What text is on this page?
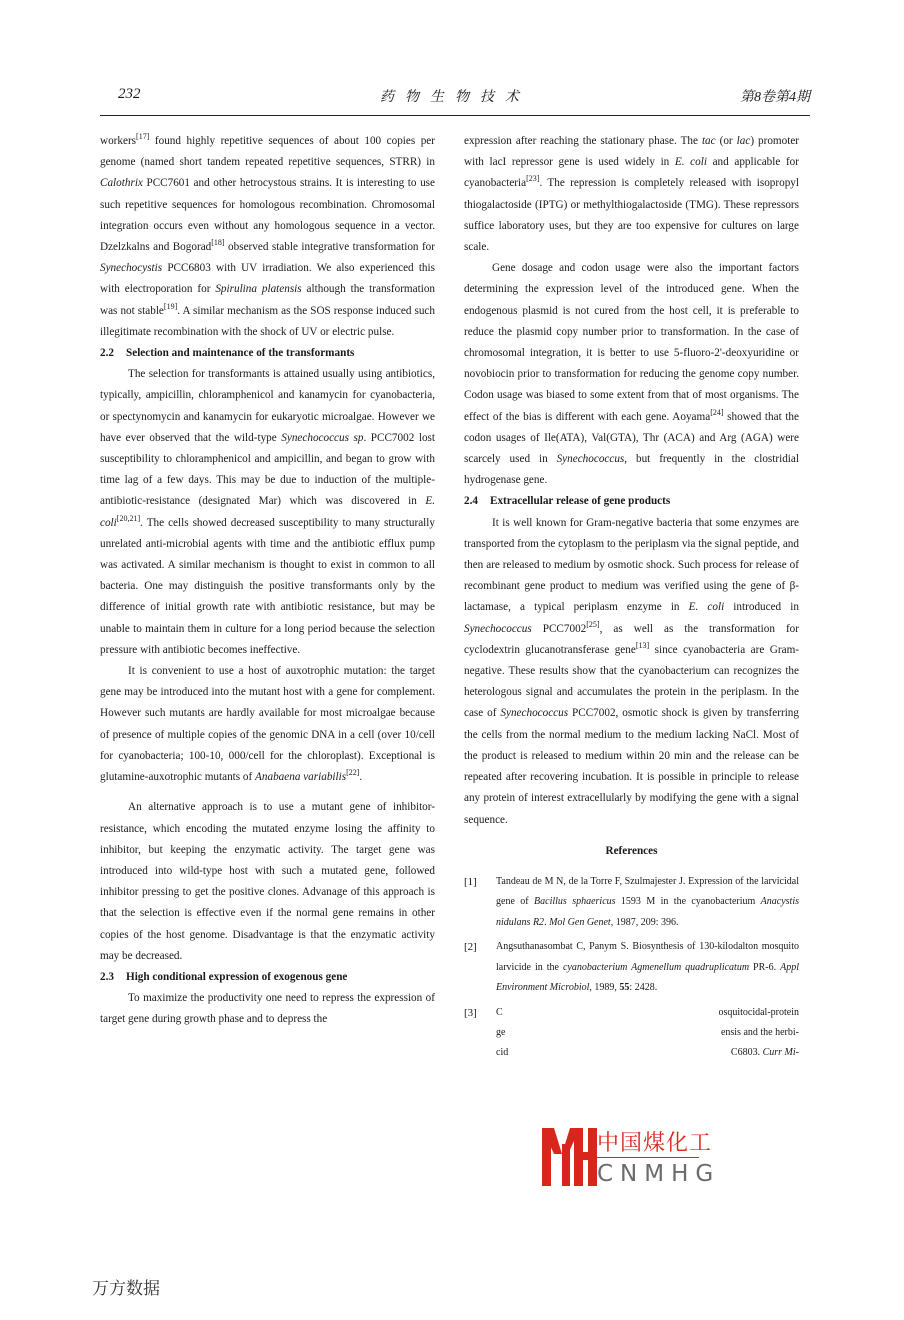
232	药物生物技术	第8卷第4期

workers[17] found highly repetitive sequences of about 100 copies per genome (named short tandem repeated repetitive sequences, STRR) in Calothrix PCC7601 and other hetrocystous strains. It is interesting to use such repetitive sequences for homologous recombination. Chromosomal integration occurs even without any homologous sequence in a vector. Dzelzkalns and Bogorad[18] observed stable integrative transformation for Synechocystis PCC6803 with UV irradiation. We also experienced this with electroporation for Spirulina platensis although the transformation was not stable[19]. A similar mechanism as the SOS response induced such illegitimate recombination with the shock of UV or electric pulse.

2.2 Selection and maintenance of the transformants

The selection for transformants is attained usually using antibiotics, typically, ampicillin, chloramphenicol and kanamycin for cyanobacteria, or spectynomycin and kanamycin for eukaryotic microalgae. However we have ever observed that the wild-type Synechococcus sp. PCC7002 lost susceptibility to chloramphenicol and ampicillin, and began to grow with time lag of a few days. This may be due to induction of the multiple-antibiotic-resistance (designated Mar) which was discovered in E. coli[20,21]. The cells showed decreased susceptibility to many structurally unrelated anti-microbial agents with time and the antibiotic efflux pump was activated. A similar mechanism is thought to exist in common to all bacteria. One may distinguish the positive transformants only by the difference of initial growth rate with antibiotic resistance, but may be unable to maintain them in culture for a long period because the selection pressure with antibiotic becomes ineffective.

It is convenient to use a host of auxotrophic mutation: the target gene may be introduced into the mutant host with a gene for complement. However such mutants are hardly available for most microalgae because of presence of multiple copies of the genomic DNA in a cell (over 10/cell for cyanobacteria; 100-10, 000/cell for the chloroplast). Exceptional is glutamine-auxotrophic mutants of Anabaena variabilis[22].

An alternative approach is to use a mutant gene of inhibitor-resistance, which encoding the mutated enzyme losing the affinity to inhibitor, but keeping the enzymatic activity. The target gene was introduced into wild-type host with such a mutated gene, followed inhibitor pressing to get the positive clones. Advanage of this approach is that the selection is effective even if the normal gene remains in other copies of the host genome. Disadvantage is that the enzymatic activity may be decreased.

2.3 High conditional expression of exogenous gene

To maximize the productivity one need to repress the expression of target gene during growth phase and to depress the

expression after reaching the stationary phase. The tac (or lac) promoter with lacI repressor gene is used widely in E. coli and applicable for cyanobacteria[23]. The repression is completely released with isopropyl thiogalactoside (IPTG) or methylthiogalactoside (TMG). These repressors suffice laboratory uses, but they are too expensive for cultures on large scale.

Gene dosage and codon usage were also the important factors determining the expression level of the introduced gene. When the endogenous plasmid is not cured from the host cell, it is preferable to reduce the plasmid copy number prior to transformation. In the case of chromosomal integration, it is better to use 5-fluoro-2'-deoxyuridine or novobiocin prior to transformation for reducing the genome copy number. Codon usage was biased to some extent from that of most organisms. The effect of the bias is different with each gene. Aoyama[24] showed that the codon usages of Ile(ATA), Val(GTA), Thr (ACA) and Arg (AGA) were scarcely used in Synechococcus, but frequently in the clostridial hydrogenase gene.

2.4 Extracellular release of gene products

It is well known for Gram-negative bacteria that some enzymes are transported from the cytoplasm to the periplasm via the signal peptide, and then are released to medium by osmotic shock. Such process for release of recombinant gene product to medium was verified using the gene of β-lactamase, a typical periplasm enzyme in E. coli introduced in Synechococcus PCC7002[25], as well as the transformation for cyclodextrin glucanotransferase gene[13] since cyanobacteria are Gram-negative. These results show that the cyanobacterium can recognizes the heterologous signal and accumulates the protein in the periplasm. In the case of Synechococcus PCC7002, osmotic shock is given by transferring the cells from the normal medium to the medium lacking NaCl. Most of the product is released to medium within 20 min and the release can be repeated after recovering incubation. It is possible in principle to release any protein of interest extracellularly by modifying the gene with a signal sequence.

References
[1] Tandeau de M N, de la Torre F, Szulmajester J. Expression of the larvicidal gene of Bacillus sphaericus 1593 M in the cyanobacterium Anacystis nidulans R2. Mol Gen Genet, 1987, 209: 396.
[2] Angsuthanasombat C, Panym S. Biosynthesis of 130-kilodalton mosquito larvicide in the cyanobacterium Agmenellum quadruplicatum PR-6. Appl Environment Microbiol, 1989, 55: 2428.
[3] C	osquitocidal-protein
ge	ensis and the herbi-
cid	C6803. Curr Mi-
中国煤化工
CNMHG
万方数据
